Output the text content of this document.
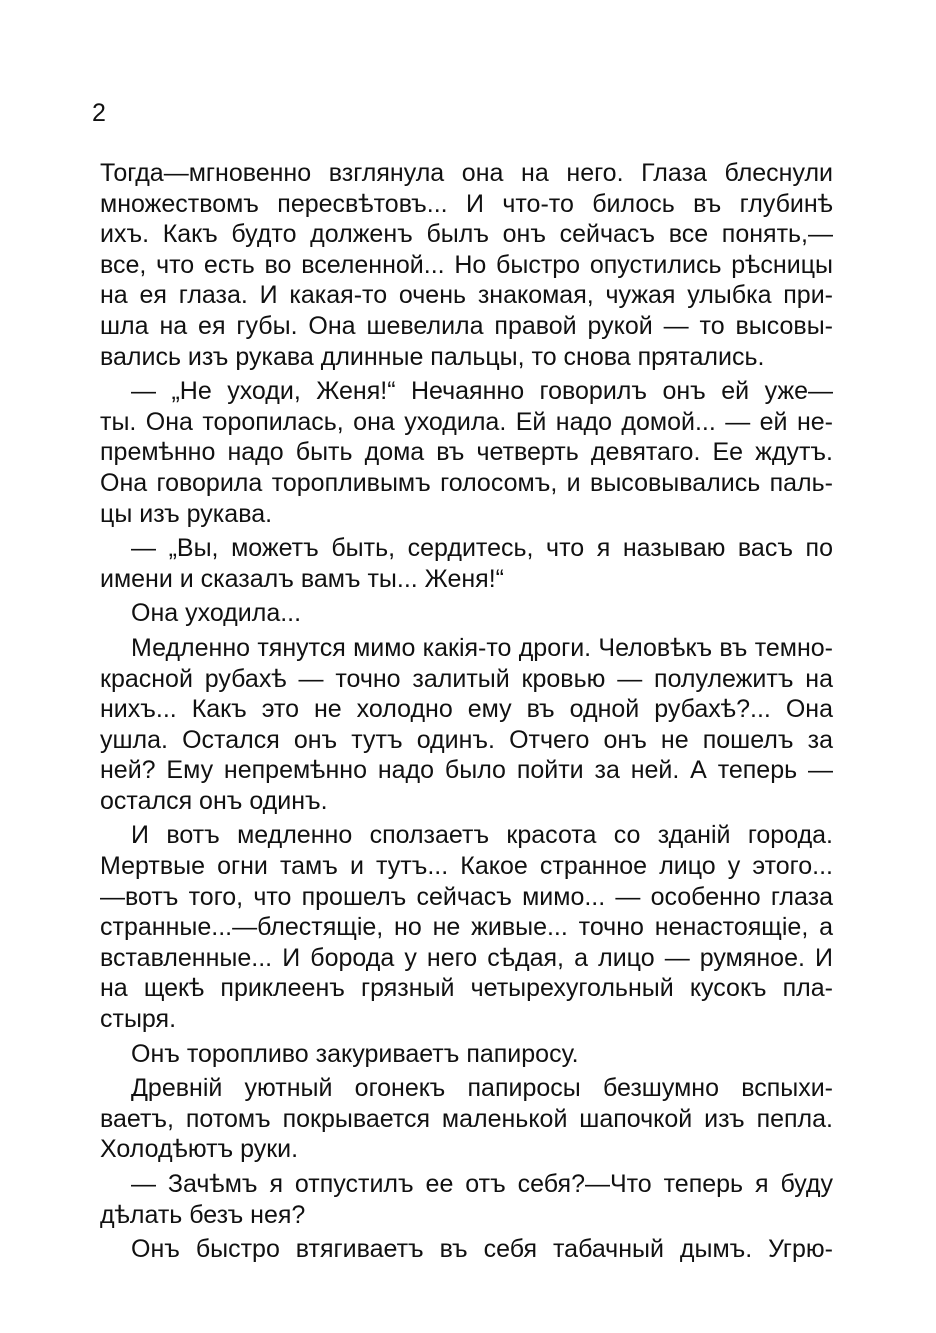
2
Тогда—мгновенно взглянула она на него. Глаза блеснули
множествомъ пересвѣтовъ... И что-то билось въ глубинѣ
ихъ. Какъ будто долженъ былъ онъ сейчасъ все понять,—
все, что есть во вселенной... Но быстро опустились рѣсницы
на ея глаза. И какая-то очень знакомая, чужая улыбка при-
шла на ея губы. Она шевелила правой рукой — то высовы-
вались изъ рукава длинные пальцы, то снова прятались.
— „Не уходи, Женя!“ Нечаянно говорилъ онъ ей уже—
ты. Она торопилась, она уходила. Ей надо домой... — ей не-
премѣнно надо быть дома въ четверть девятаго. Ее ждутъ.
Она говорила торопливымъ голосомъ, и высовывались паль-
цы изъ рукава.
— „Вы, можетъ быть, сердитесь, что я называю васъ по
имени и сказалъ вамъ ты... Женя!“
Она уходила...
Медленно тянутся мимо какія-то дроги. Человѣкъ въ темно-
красной рубахѣ — точно залитый кровью — полулежитъ на
нихъ... Какъ это не холодно ему въ одной рубахѣ?... Она
ушла. Остался онъ тутъ одинъ. Отчего онъ не пошелъ за
ней? Ему непремѣнно надо было пойти за ней. А теперь —
остался онъ одинъ.
И вотъ медленно сползаетъ красота со зданій города.
Мертвые огни тамъ и тутъ... Какое странное лицо у этого...
—вотъ того, что прошелъ сейчасъ мимо... — особенно глаза
странные...—блестящіе, но не живые... точно ненастоящіе, а
вставленные... И борода у него сѣдая, а лицо — румяное. И
на щекѣ приклеенъ грязный четырехугольный кусокъ пла-
стыря.
Онъ торопливо закуриваетъ папиросу.
Древній уютный огонекъ папиросы безшумно вспыхи-
ваетъ, потомъ покрывается маленькой шапочкой изъ пепла.
Холодѣютъ руки.
— Зачѣмъ я отпустилъ ее отъ себя?—Что теперь я буду
дѣлать безъ нея?
Онъ быстро втягиваетъ въ себя табачный дымъ. Угрю-
